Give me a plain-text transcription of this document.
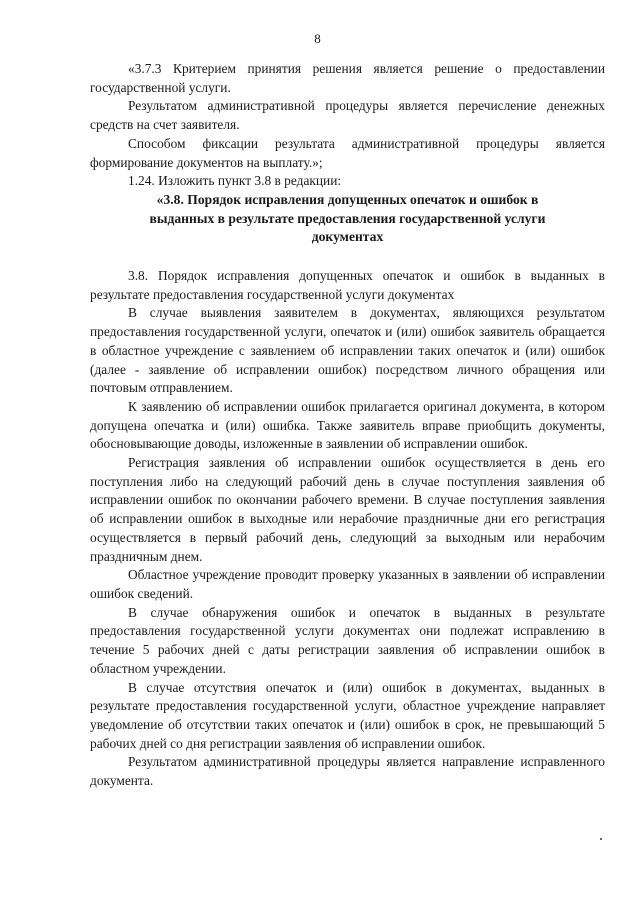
8

«3.7.3 Критерием принятия решения является решение о предоставлении государственной услуги.

Результатом административной процедуры является перечисление денежных средств на счет заявителя.

Способом фиксации результата административной процедуры является формирование документов на выплату.»;

1.24. Изложить пункт 3.8 в редакции:

«3.8. Порядок исправления допущенных опечаток и ошибок в выданных в результате предоставления государственной услуги документах

3.8. Порядок исправления допущенных опечаток и ошибок в выданных в результате предоставления государственной услуги документах

В случае выявления заявителем в документах, являющихся результатом предоставления государственной услуги, опечаток и (или) ошибок заявитель обращается в областное учреждение с заявлением об исправлении таких опечаток и (или) ошибок (далее - заявление об исправлении ошибок) посредством личного обращения или почтовым отправлением.

К заявлению об исправлении ошибок прилагается оригинал документа, в котором допущена опечатка и (или) ошибка. Также заявитель вправе приобщить документы, обосновывающие доводы, изложенные в заявлении об исправлении ошибок.

Регистрация заявления об исправлении ошибок осуществляется в день его поступления либо на следующий рабочий день в случае поступления заявления об исправлении ошибок по окончании рабочего времени. В случае поступления заявления об исправлении ошибок в выходные или нерабочие праздничные дни его регистрация осуществляется в первый рабочий день, следующий за выходным или нерабочим праздничным днем.

Областное учреждение проводит проверку указанных в заявлении об исправлении ошибок сведений.

В случае обнаружения ошибок и опечаток в выданных в результате предоставления государственной услуги документах они подлежат исправлению в течение 5 рабочих дней с даты регистрации заявления об исправлении ошибок в областном учреждении.

В случае отсутствия опечаток и (или) ошибок в документах, выданных в результате предоставления государственной услуги, областное учреждение направляет уведомление об отсутствии таких опечаток и (или) ошибок в срок, не превышающий 5 рабочих дней со дня регистрации заявления об исправлении ошибок.

Результатом административной процедуры является направление исправленного документа.
